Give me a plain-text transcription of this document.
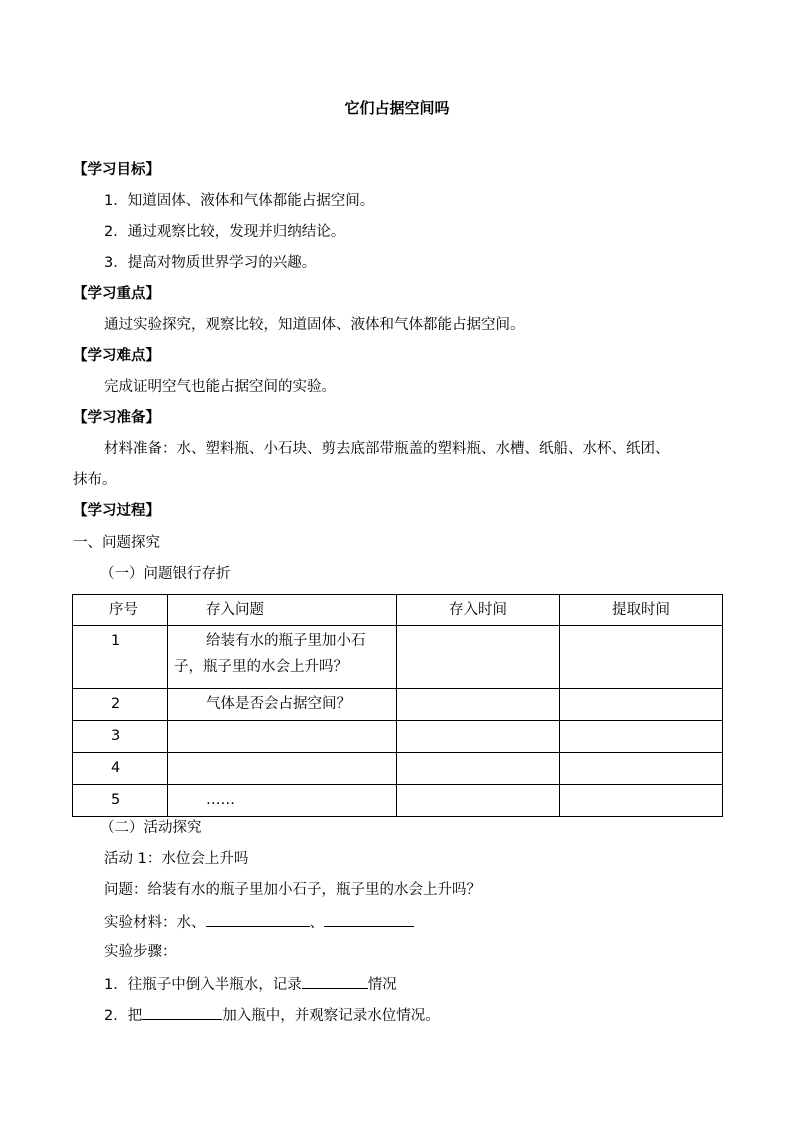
它们占据空间吗
【学习目标】
1．知道固体、液体和气体都能占据空间。
2．通过观察比较，发现并归纳结论。
3．提高对物质世界学习的兴趣。
【学习重点】
通过实验探究，观察比较，知道固体、液体和气体都能占据空间。
【学习难点】
完成证明空气也能占据空间的实验。
【学习准备】
材料准备：水、塑料瓶、小石块、剪去底部带瓶盖的塑料瓶、水槽、纸船、水杯、纸团、
抹布。
【学习过程】
一、问题探究
（一）问题银行存折
序号	存入问题	存入时间	提取时间
1	给装有水的瓶子里加小石
子，瓶子里的水会上升吗？		

2	气体是否会占据空间？		

3			
4			
5	……		

（二）活动探究
活动 1：水位会上升吗
问题：给装有水的瓶子里加小石子，瓶子里的水会上升吗？
实验材料：水、	、
实验步骤：
1．往瓶子中倒入半瓶水，记录	情况
2．把	加入瓶中，并观察记录水位情况。
